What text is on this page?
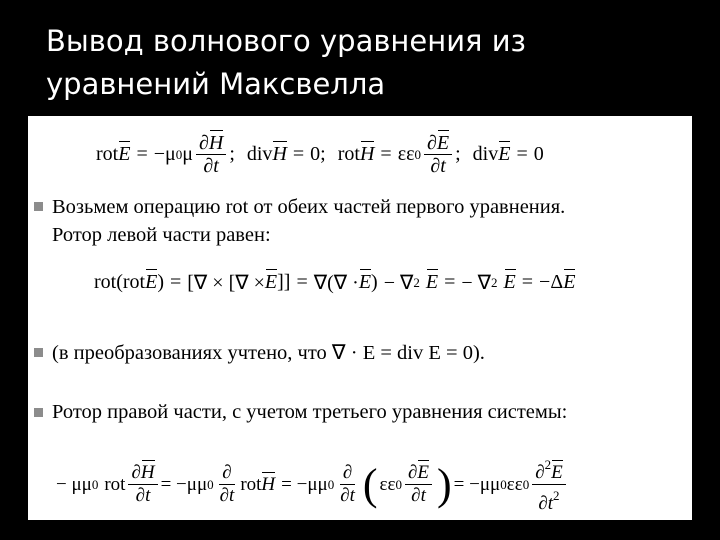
Вывод волнового уравнения из
уравнений Максвелла
rot E = − μ 0 μ $\frac{\partial H}{\partial t}$ ; div H = 0 ; rot H = ε ε $0 \frac{\partial E}{\partial t}$ ; div E = 0
Возьмем операцию rot от обеих частей первого уравнения.
Ротор левой части равен:
rot(rot E ) = [∇ × [∇ × E ]] = ∇(∇ · E ) − ∇ 2 E = − ∇ 2 E = −Δ E
(в преобразованиях учтено, что ∇ · E = div E = 0).
Ротор правой части, с учетом третьего уравнения системы:
− μμ 0 rot $\frac{\partial H}{\partial t} = -\mu\mu$ $0 \frac{\partial}{\partial t}$ rot H = −μμ $0 \frac{\partial}{\partial t}$ ( εε $0 \frac{\partial E}{\partial t}$ ) = −μμ 0 εε $0 \frac{\partial^2E}{\partial t^2}$
